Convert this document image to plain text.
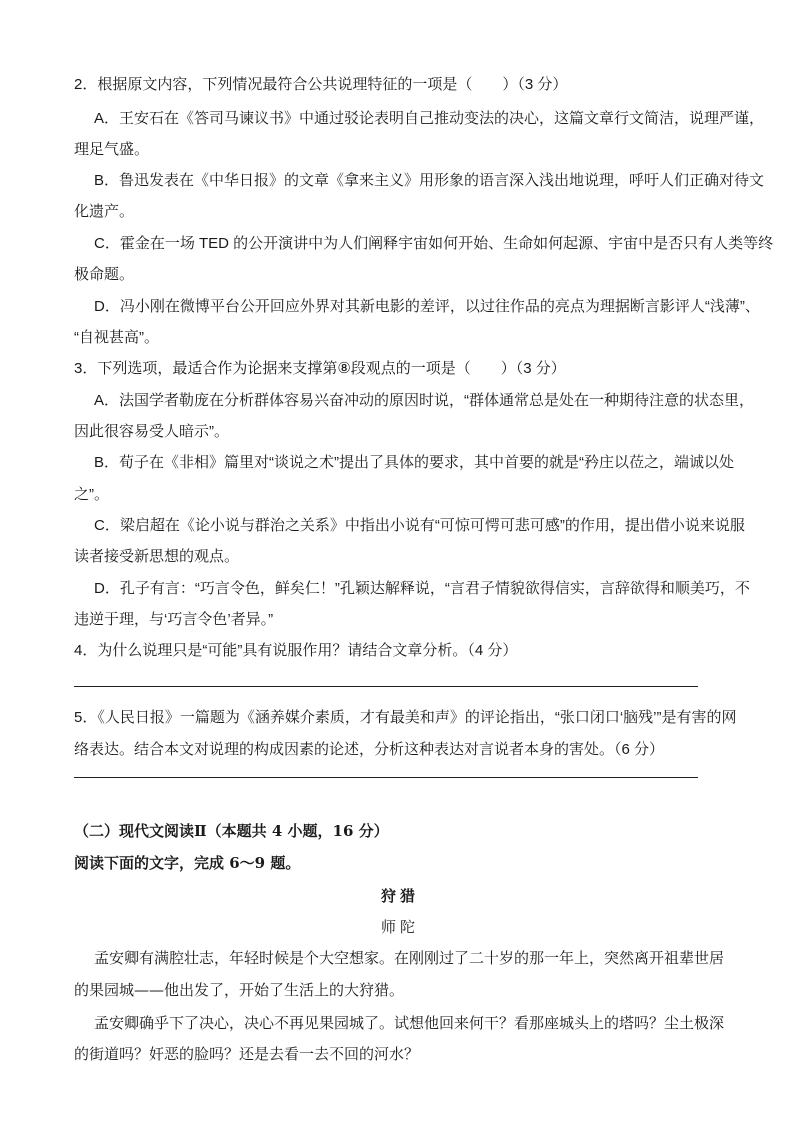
2．根据原文内容，下列情况最符合公共说理特征的一项是（　　）（3 分）
A．王安石在《答司马谏议书》中通过驳论表明自己推动变法的决心，这篇文章行文简洁，说理严谨，
理足气盛。
B．鲁迅发表在《中华日报》的文章《拿来主义》用形象的语言深入浅出地说理，呼吁人们正确对待文
化遗产。
C．霍金在一场 TED 的公开演讲中为人们阐释宇宙如何开始、生命如何起源、宇宙中是否只有人类等终
极命题。
D．冯小刚在微博平台公开回应外界对其新电影的差评，以过往作品的亮点为理据断言影评人“浅薄”、
“自视甚高”。
3．下列选项，最适合作为论据来支撑第⑧段观点的一项是（　　）（3 分）
A．法国学者勒庞在分析群体容易兴奋冲动的原因时说，“群体通常总是处在一种期待注意的状态里，
因此很容易受人暗示”。
B．荀子在《非相》篇里对“谈说之术”提出了具体的要求，其中首要的就是“矜庄以莅之，端诚以处
之”。
C．梁启超在《论小说与群治之关系》中指出小说有“可惊可愕可悲可感”的作用，提出借小说来说服
读者接受新思想的观点。
D．孔子有言：“巧言令色，鲜矣仁！”孔颖达解释说，“言君子情貌欲得信实，言辞欲得和顺美巧，不
违逆于理，与‘巧言令色’者异。”
4．为什么说理只是“可能”具有说服作用？请结合文章分析。（4 分）
5．《人民日报》一篇题为《涵养媒介素质，才有最美和声》的评论指出，“张口闭口‘脑残’”是有害的网
络表达。结合本文对说理的构成因素的论述，分析这种表达对言说者本身的害处。（6 分）
（二）现代文阅读Ⅱ（本题共 4 小题，16 分）
阅读下面的文字，完成 6～9 题。
狩猎
师陀
孟安卿有满腔壮志，年轻时候是个大空想家。在刚刚过了二十岁的那一年上，突然离开祖辈世居
的果园城——他出发了，开始了生活上的大狩猎。
孟安卿确乎下了决心，决心不再见果园城了。试想他回来何干？看那座城头上的塔吗？尘土极深
的街道吗？奸恶的脸吗？还是去看一去不回的河水？
